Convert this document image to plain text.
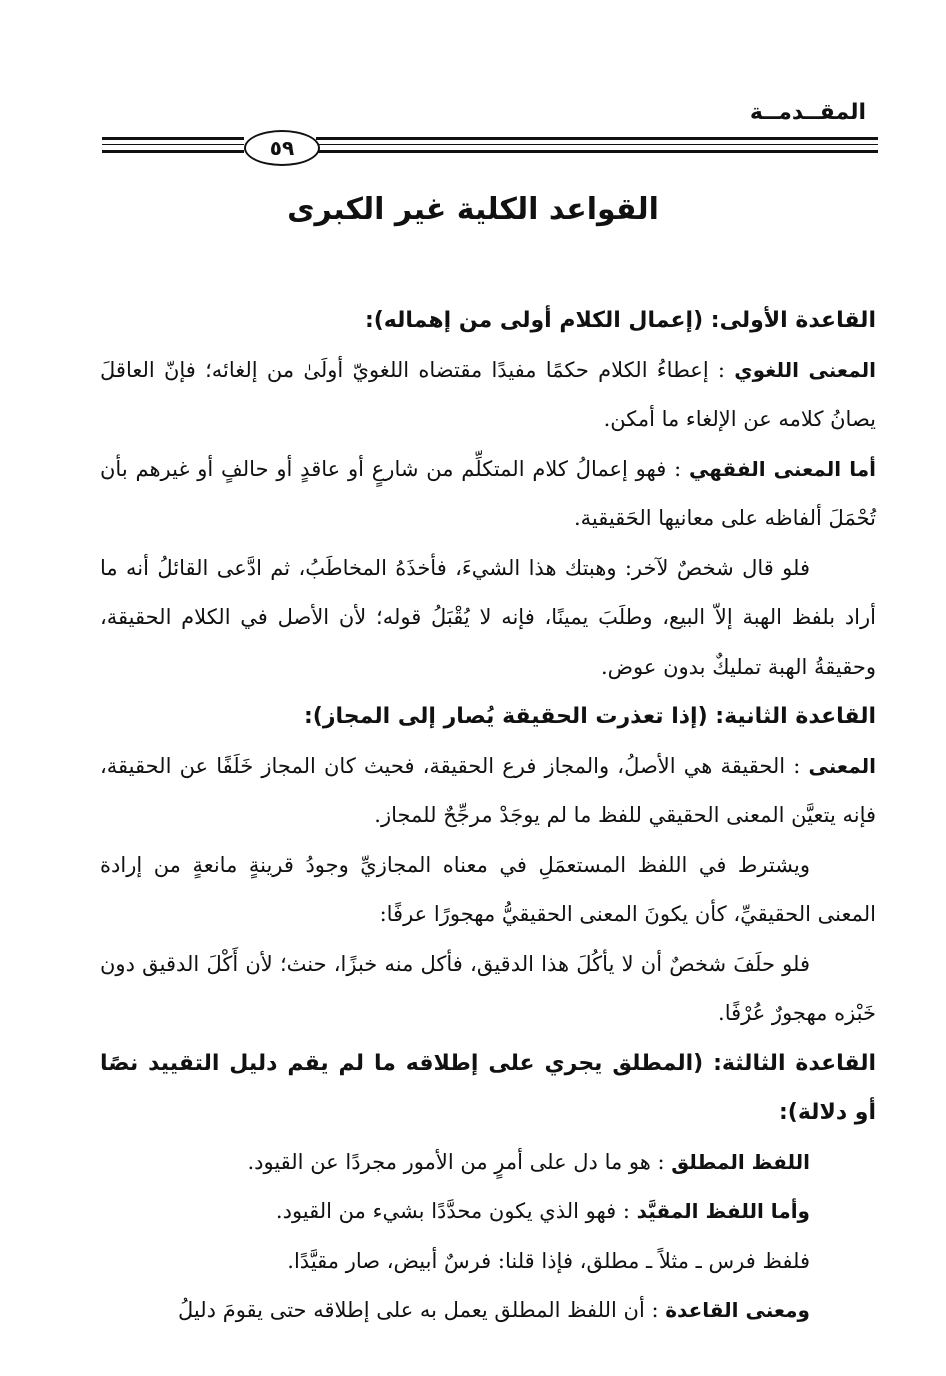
المقــدمــة
٥٩
القواعد الكلية غير الكبرى

القاعدة الأولى: (إعمال الكلام أولى من إهماله):

المعنى اللغوي : إعطاءُ الكلام حكمًا مفيدًا مقتضاه اللغويّ أولَىٰ من إلغائه؛ فإنّ العاقلَ يصانُ كلامه عن الإلغاء ما أمكن.

أما المعنى الفقهي : فهو إعمالُ كلام المتكلِّم من شارعٍ أو عاقدٍ أو حالفٍ أو غيرهم بأن تُحْمَلَ ألفاظه على معانيها الحَقيقية.

فلو قال شخصٌ لآخر: وهبتك هذا الشيءَ، فأخذَهُ المخاطَبُ، ثم ادَّعى القائلُ أنه ما أراد بلفظ الهبة إلاّ البيع، وطلَبَ يمينًا، فإنه لا يُقْبَلُ قوله؛ لأن الأصل في الكلام الحقيقة، وحقيقةُ الهبة تمليكٌ بدون عوض.

القاعدة الثانية: (إذا تعذرت الحقيقة يُصار إلى المجاز):

المعنى : الحقيقة هي الأصلُ، والمجاز فرع الحقيقة، فحيث كان المجاز خَلَفًا عن الحقيقة، فإنه يتعيَّن المعنى الحقيقي للفظ ما لم يوجَدْ مرجِّحٌ للمجاز.

ويشترط في اللفظ المستعمَلِ في معناه المجازيِّ وجودُ قرينةٍ مانعةٍ من إرادة المعنى الحقيقيِّ، كأن يكونَ المعنى الحقيقيُّ مهجورًا عرفًا:

فلو حلَفَ شخصٌ أن لا يأكُلَ هذا الدقيق، فأكل منه خبزًا، حنث؛ لأن أَكْلَ الدقيق دون خَبْزه مهجورٌ عُرْفًا.

القاعدة الثالثة: (المطلق يجري على إطلاقه ما لم يقم دليل التقييد نصًا أو دلالة):

اللفظ المطلق : هو ما دل على أمرٍ من الأمور مجردًا عن القيود.

وأما اللفظ المقيَّد : فهو الذي يكون محدَّدًا بشيء من القيود.

فلفظ فرس ـ مثلاً ـ مطلق، فإذا قلنا: فرسٌ أبيض، صار مقيَّدًا.

ومعنى القاعدة : أن اللفظ المطلق يعمل به على إطلاقه حتى يقومَ دليلُ
